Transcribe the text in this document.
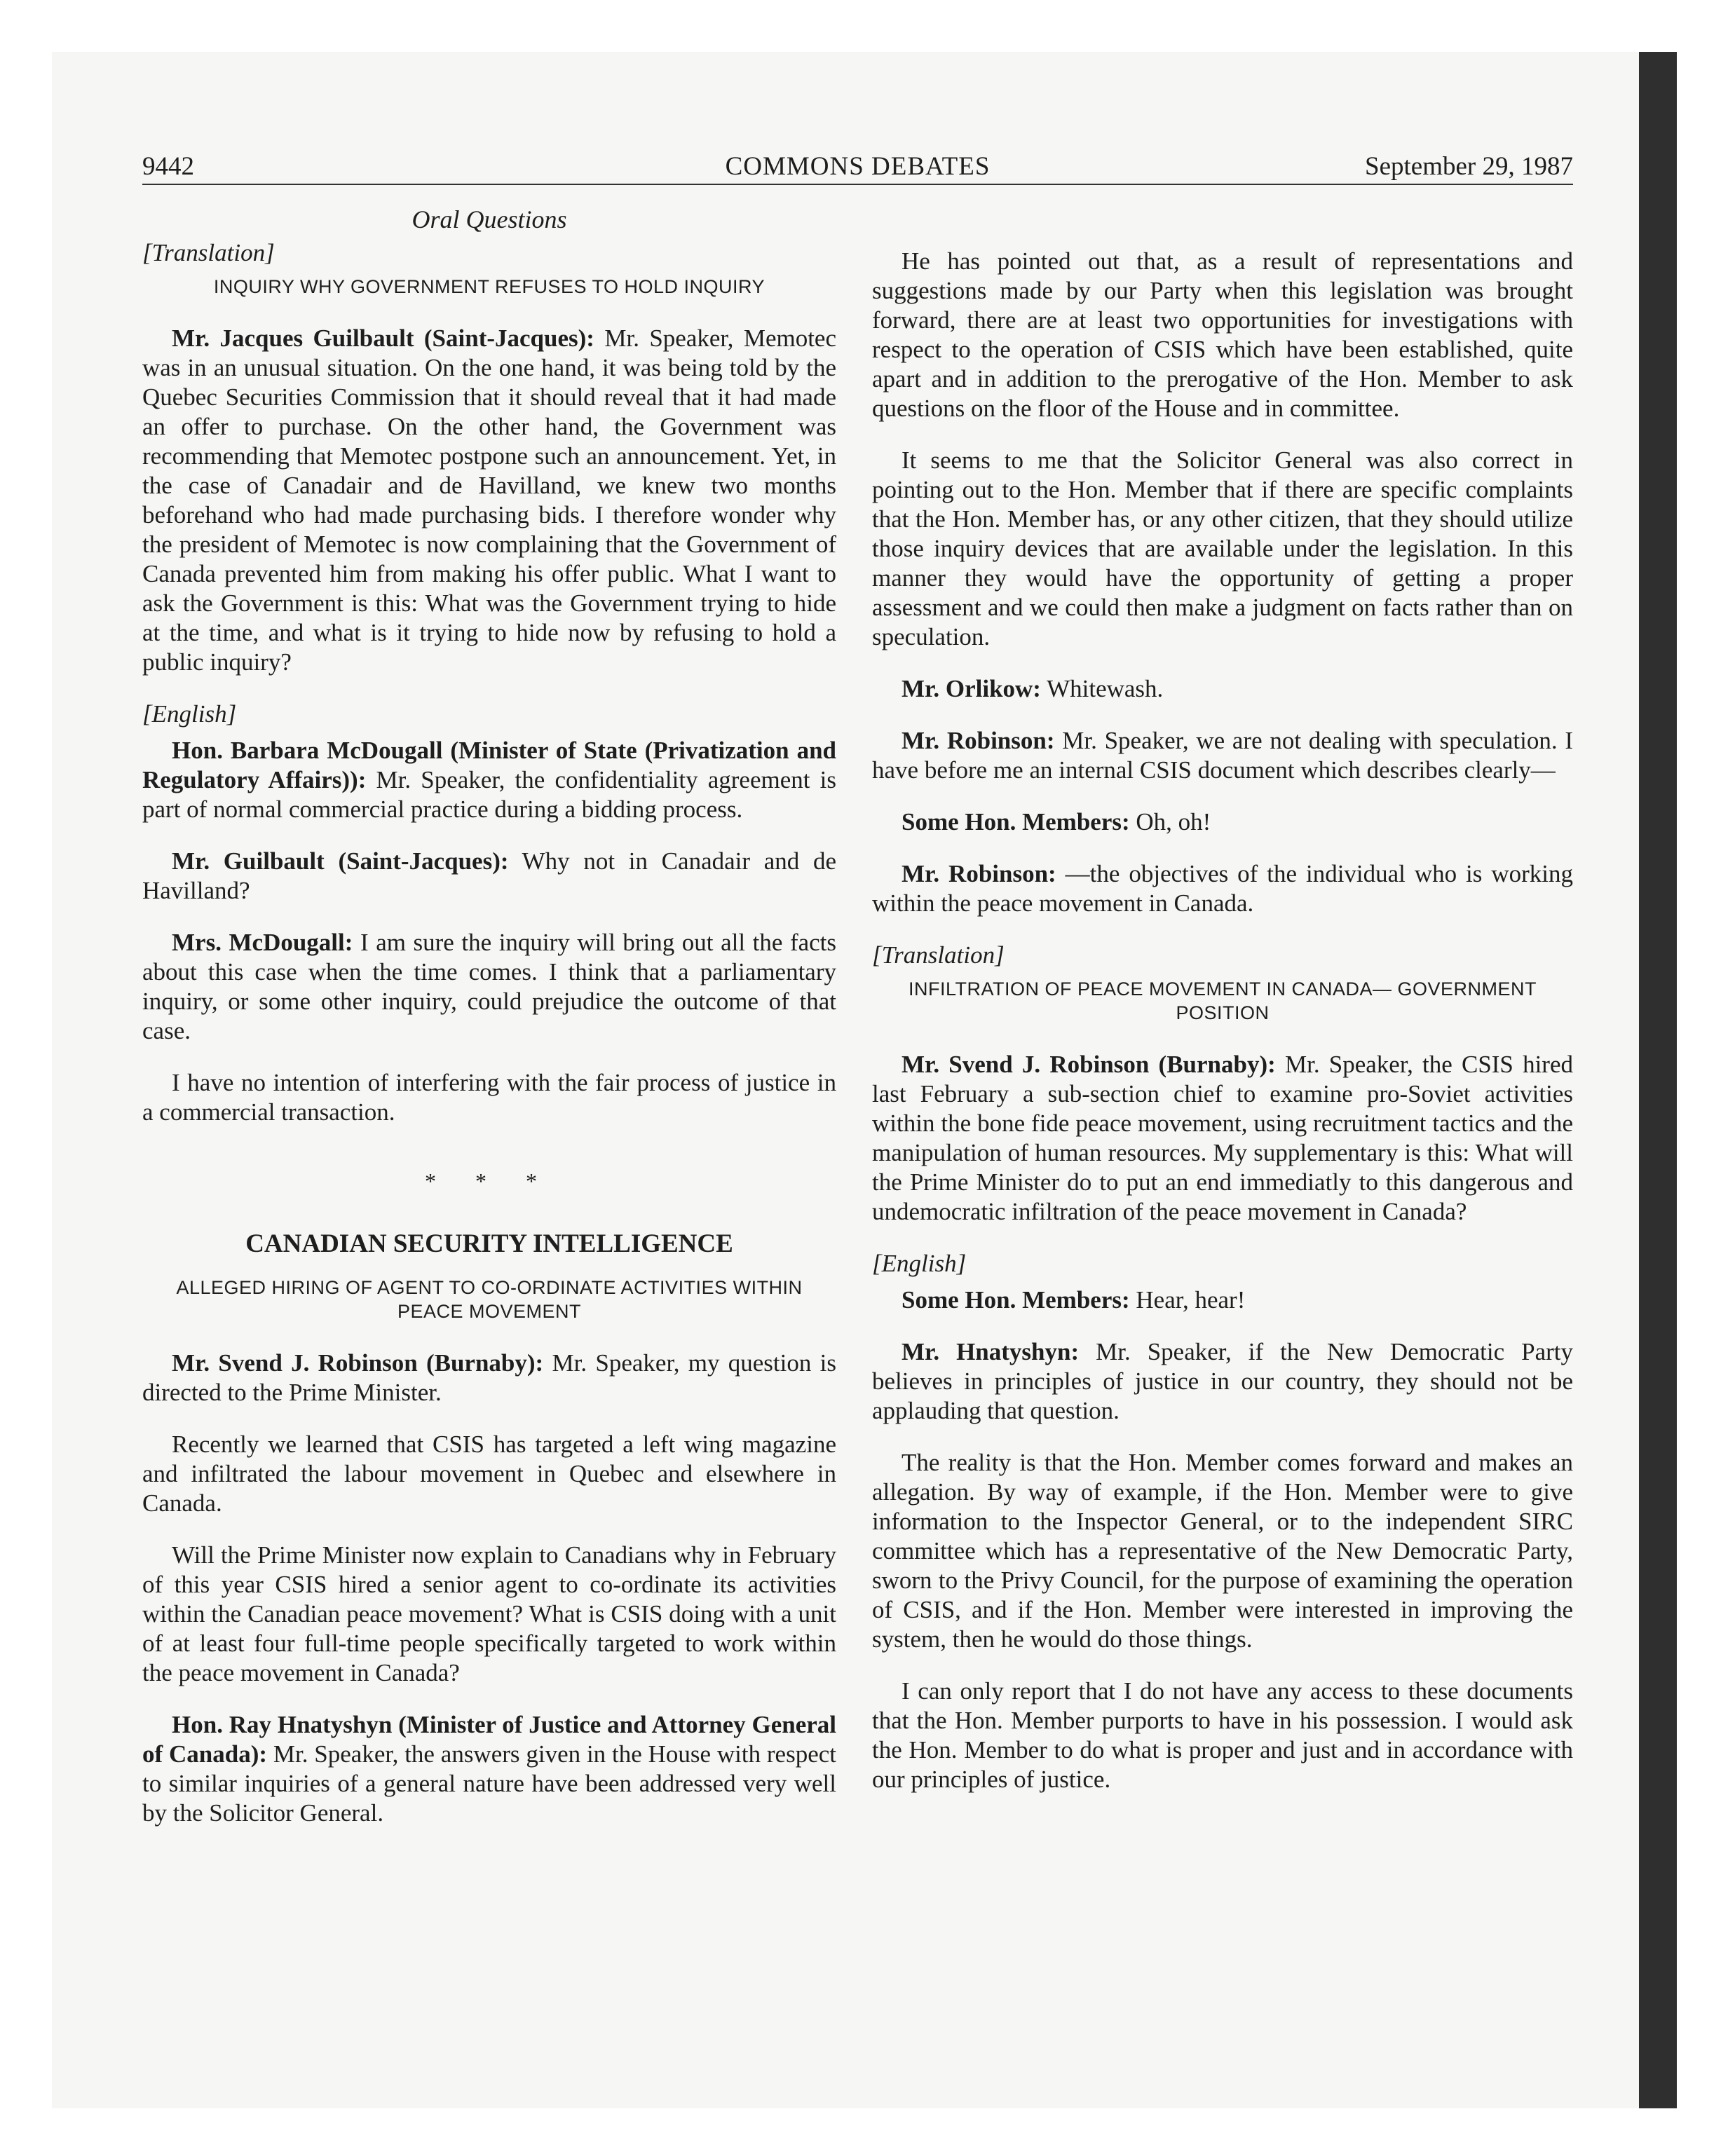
9442	COMMONS DEBATES	September 29, 1987
Oral Questions

[Translation]

INQUIRY WHY GOVERNMENT REFUSES TO HOLD INQUIRY

Mr. Jacques Guilbault (Saint-Jacques): Mr. Speaker, Memotec was in an unusual situation. On the one hand, it was being told by the Quebec Securities Commission that it should reveal that it had made an offer to purchase. On the other hand, the Government was recommending that Memotec postpone such an announcement. Yet, in the case of Canadair and de Havilland, we knew two months beforehand who had made purchasing bids. I therefore wonder why the president of Memotec is now complaining that the Government of Canada prevented him from making his offer public. What I want to ask the Government is this: What was the Government trying to hide at the time, and what is it trying to hide now by refusing to hold a public inquiry?

[English]

Hon. Barbara McDougall (Minister of State (Privatization and Regulatory Affairs)): Mr. Speaker, the confidentiality agreement is part of normal commercial practice during a bidding process.

Mr. Guilbault (Saint-Jacques): Why not in Canadair and de Havilland?

Mrs. McDougall: I am sure the inquiry will bring out all the facts about this case when the time comes. I think that a parliamentary inquiry, or some other inquiry, could prejudice the outcome of that case.

I have no intention of interfering with the fair process of justice in a commercial transaction.

* * *

CANADIAN SECURITY INTELLIGENCE

ALLEGED HIRING OF AGENT TO CO-ORDINATE ACTIVITIES WITHIN PEACE MOVEMENT

Mr. Svend J. Robinson (Burnaby): Mr. Speaker, my question is directed to the Prime Minister.

Recently we learned that CSIS has targeted a left wing magazine and infiltrated the labour movement in Quebec and elsewhere in Canada.

Will the Prime Minister now explain to Canadians why in February of this year CSIS hired a senior agent to co-ordinate its activities within the Canadian peace movement? What is CSIS doing with a unit of at least four full-time people specifically targeted to work within the peace movement in Canada?

Hon. Ray Hnatyshyn (Minister of Justice and Attorney General of Canada): Mr. Speaker, the answers given in the House with respect to similar inquiries of a general nature have been addressed very well by the Solicitor General.

He has pointed out that, as a result of representations and suggestions made by our Party when this legislation was brought forward, there are at least two opportunities for investigations with respect to the operation of CSIS which have been established, quite apart and in addition to the prerogative of the Hon. Member to ask questions on the floor of the House and in committee.

It seems to me that the Solicitor General was also correct in pointing out to the Hon. Member that if there are specific complaints that the Hon. Member has, or any other citizen, that they should utilize those inquiry devices that are available under the legislation. In this manner they would have the opportunity of getting a proper assessment and we could then make a judgment on facts rather than on speculation.

Mr. Orlikow: Whitewash.

Mr. Robinson: Mr. Speaker, we are not dealing with speculation. I have before me an internal CSIS document which describes clearly—

Some Hon. Members: Oh, oh!

Mr. Robinson: —the objectives of the individual who is working within the peace movement in Canada.

[Translation]

INFILTRATION OF PEACE MOVEMENT IN CANADA— GOVERNMENT POSITION

Mr. Svend J. Robinson (Burnaby): Mr. Speaker, the CSIS hired last February a sub-section chief to examine pro-Soviet activities within the bone fide peace movement, using recruitment tactics and the manipulation of human resources. My supplementary is this: What will the Prime Minister do to put an end immediatly to this dangerous and undemocratic infiltration of the peace movement in Canada?

[English]

Some Hon. Members: Hear, hear!

Mr. Hnatyshyn: Mr. Speaker, if the New Democratic Party believes in principles of justice in our country, they should not be applauding that question.

The reality is that the Hon. Member comes forward and makes an allegation. By way of example, if the Hon. Member were to give information to the Inspector General, or to the independent SIRC committee which has a representative of the New Democratic Party, sworn to the Privy Council, for the purpose of examining the operation of CSIS, and if the Hon. Member were interested in improving the system, then he would do those things.

I can only report that I do not have any access to these documents that the Hon. Member purports to have in his possession. I would ask the Hon. Member to do what is proper and just and in accordance with our principles of justice.
